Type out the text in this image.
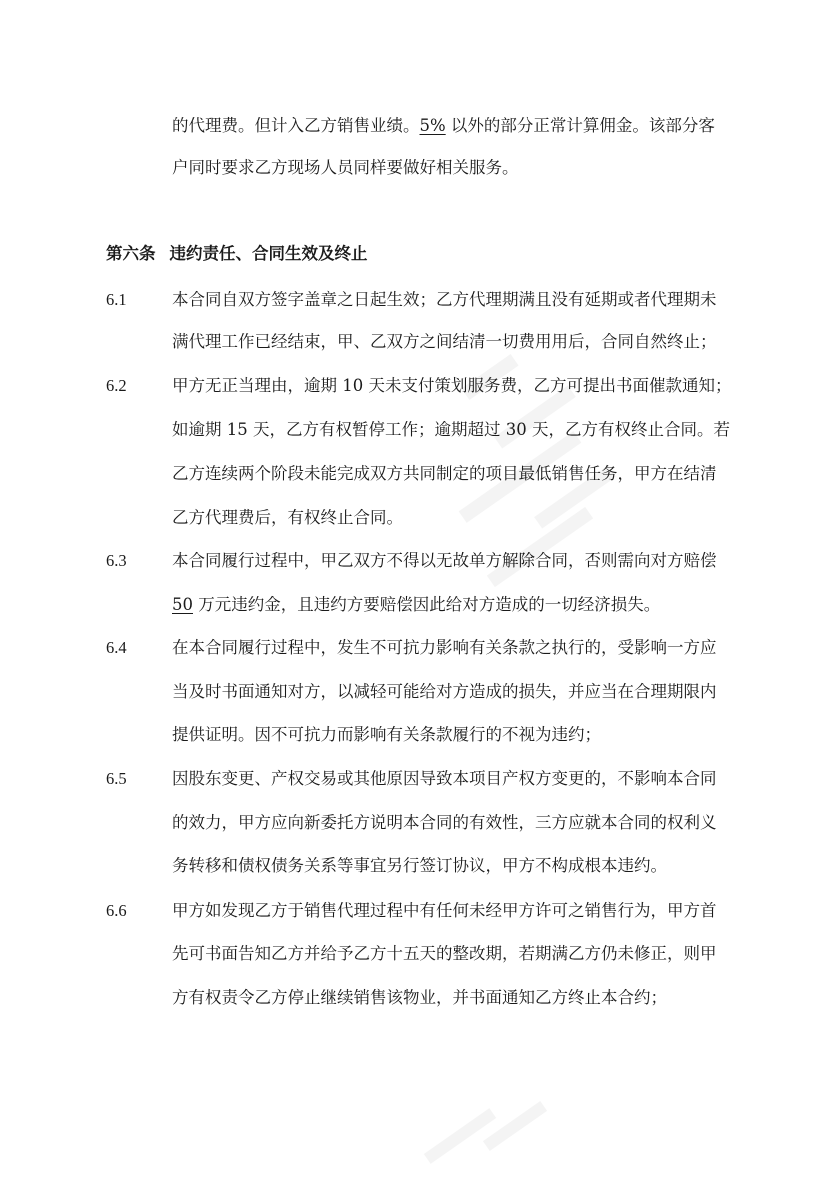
的代理费。但计入乙方销售业绩。5% 以外的部分正常计算佣金。该部分客
户同时要求乙方现场人员同样要做好相关服务。
第六条 违约责任、合同生效及终止
6.1	本合同自双方签字盖章之日起生效；乙方代理期满且没有延期或者代理期未
满代理工作已经结束，甲、乙双方之间结清一切费用用后，合同自然终止；
6.2	甲方无正当理由，逾期 10 天未支付策划服务费，乙方可提出书面催款通知；
如逾期 15 天，乙方有权暂停工作；逾期超过 30 天，乙方有权终止合同。若
乙方连续两个阶段未能完成双方共同制定的项目最低销售任务，甲方在结清
乙方代理费后，有权终止合同。
6.3	本合同履行过程中，甲乙双方不得以无故单方解除合同，否则需向对方赔偿
50 万元违约金，且违约方要赔偿因此给对方造成的一切经济损失。
6.4	在本合同履行过程中，发生不可抗力影响有关条款之执行的，受影响一方应
当及时书面通知对方，以减轻可能给对方造成的损失，并应当在合理期限内
提供证明。因不可抗力而影响有关条款履行的不视为违约；
6.5	因股东变更、产权交易或其他原因导致本项目产权方变更的，不影响本合同
的效力，甲方应向新委托方说明本合同的有效性，三方应就本合同的权利义
务转移和债权债务关系等事宜另行签订协议，甲方不构成根本违约。
6.6	甲方如发现乙方于销售代理过程中有任何未经甲方许可之销售行为，甲方首
先可书面告知乙方并给予乙方十五天的整改期，若期满乙方仍未修正，则甲
方有权责令乙方停止继续销售该物业，并书面通知乙方终止本合约；
